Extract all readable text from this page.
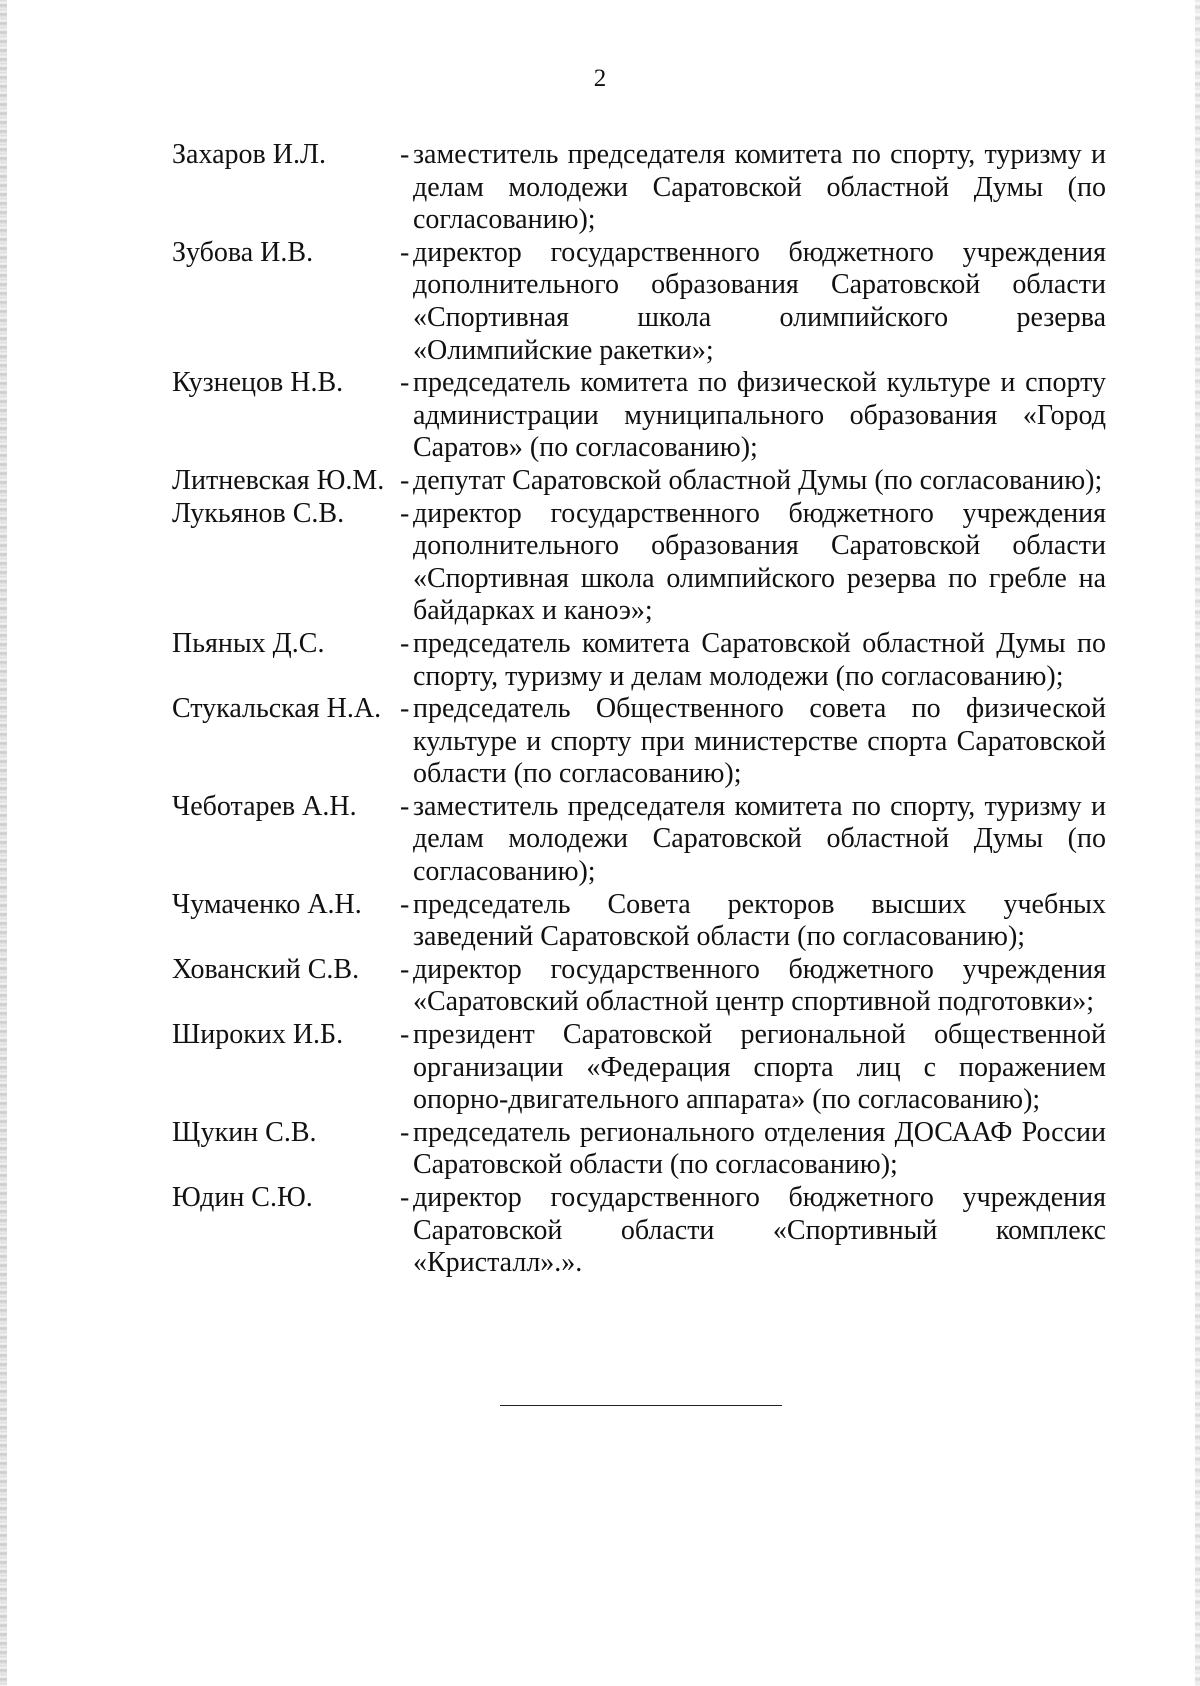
2
Захаров И.Л.	- заместитель председателя комитета по спорту, туризму и делам молодежи Саратовской областной Думы (по согласованию);
Зубова И.В.	- директор государственного бюджетного учреждения дополнительного образования Саратовской области «Спортивная школа олимпийского резерва «Олимпийские ракетки»;
Кузнецов Н.В.	- председатель комитета по физической культуре и спорту администрации муниципального образования «Город Саратов» (по согласованию);
Литневская Ю.М. - депутат Саратовской областной Думы (по согласованию);
Лукьянов С.В.	- директор государственного бюджетного учреждения дополнительного образования Саратовской области «Спортивная школа олимпийского резерва по гребле на байдарках и каноэ»;
Пьяных Д.С.	- председатель комитета Саратовской областной Думы по спорту, туризму и делам молодежи (по согласованию);
Стукальская Н.А. - председатель Общественного совета по физической культуре и спорту при министерстве спорта Саратовской области (по согласованию);
Чеботарев А.Н.	- заместитель председателя комитета по спорту, туризму и делам молодежи Саратовской областной Думы (по согласованию);
Чумаченко А.Н.	- председатель Совета ректоров высших учебных заведений Саратовской области (по согласованию);
Хованский С.В.	- директор государственного бюджетного учреждения «Саратовский областной центр спортивной подготовки»;
Широких И.Б.	- президент Саратовской региональной общественной организации «Федерация спорта лиц с поражением опорно-двигательного аппарата» (по согласованию);
Щукин С.В.	- председатель регионального отделения ДОСААФ России Саратовской области (по согласованию);
Юдин С.Ю.	- директор государственного бюджетного учреждения Саратовской области «Спортивный комплекс «Кристалл».».
